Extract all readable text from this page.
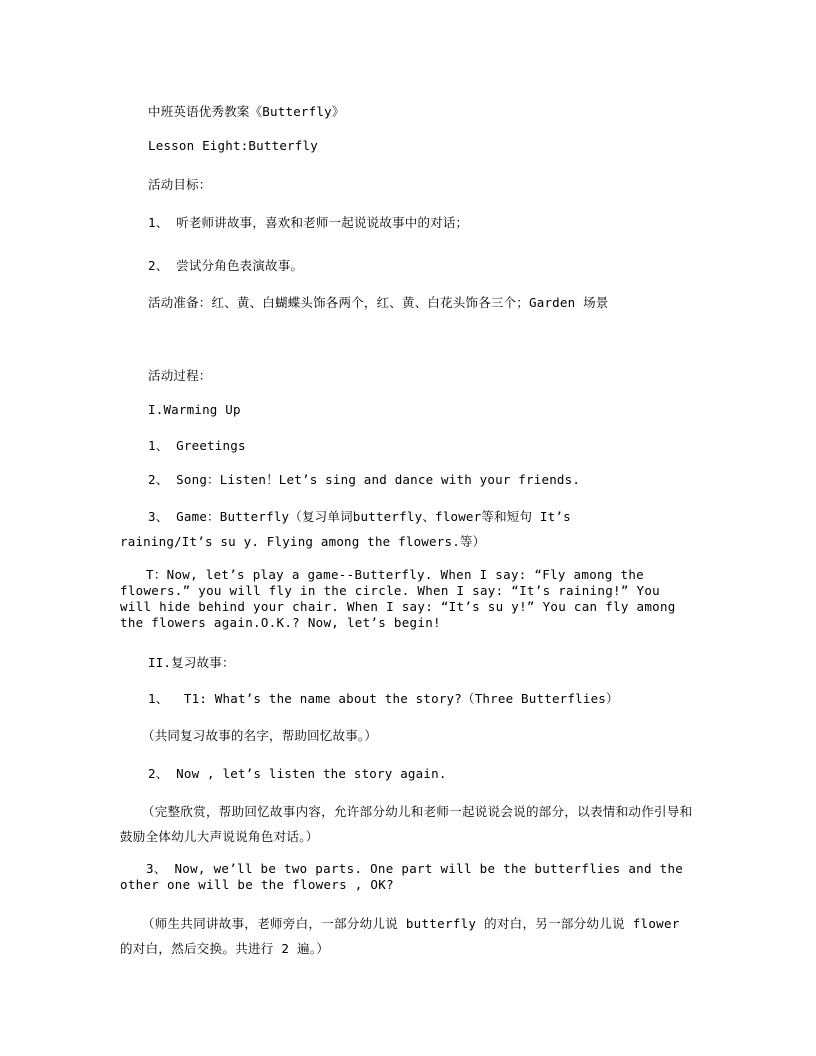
中班英语优秀教案《Butterfly》
Lesson Eight:Butterfly
活动目标：
1、 听老师讲故事，喜欢和老师一起说说故事中的对话；
2、 尝试分角色表演故事。
活动准备：红、黄、白蝴蝶头饰各两个，红、黄、白花头饰各三个；Garden 场景
活动过程：
I.Warming Up
1、 Greetings
2、 Song：Listen！Let’s sing and dance with your friends.
3、 Game：Butterfly（复习单词butterfly、flower等和短句 It’s
raining/It’s su y. Flying among the flowers.等）
T：Now, let’s play a game--Butterfly. When I say: “Fly among the flowers.” you will fly in the circle. When I say: “It’s raining!” You will hide behind your chair. When I say: “It’s su y!” You can fly among the flowers again.O.K.? Now, let’s begin!
II.复习故事：
1、  T1: What’s the name about the story?（Three Butterflies）
（共同复习故事的名字，帮助回忆故事。）
2、 Now , let’s listen the story again.
（完整欣赏，帮助回忆故事内容，允许部分幼儿和老师一起说说会说的部分，以表情和动作引导和鼓励全体幼儿大声说说角色对话。）
3、 Now, we’ll be two parts. One part will be the butterflies and the other one will be the flowers , OK?
（师生共同讲故事，老师旁白，一部分幼儿说 butterfly 的对白，另一部分幼儿说 flower 的对白，然后交换。共进行 2 遍。）
